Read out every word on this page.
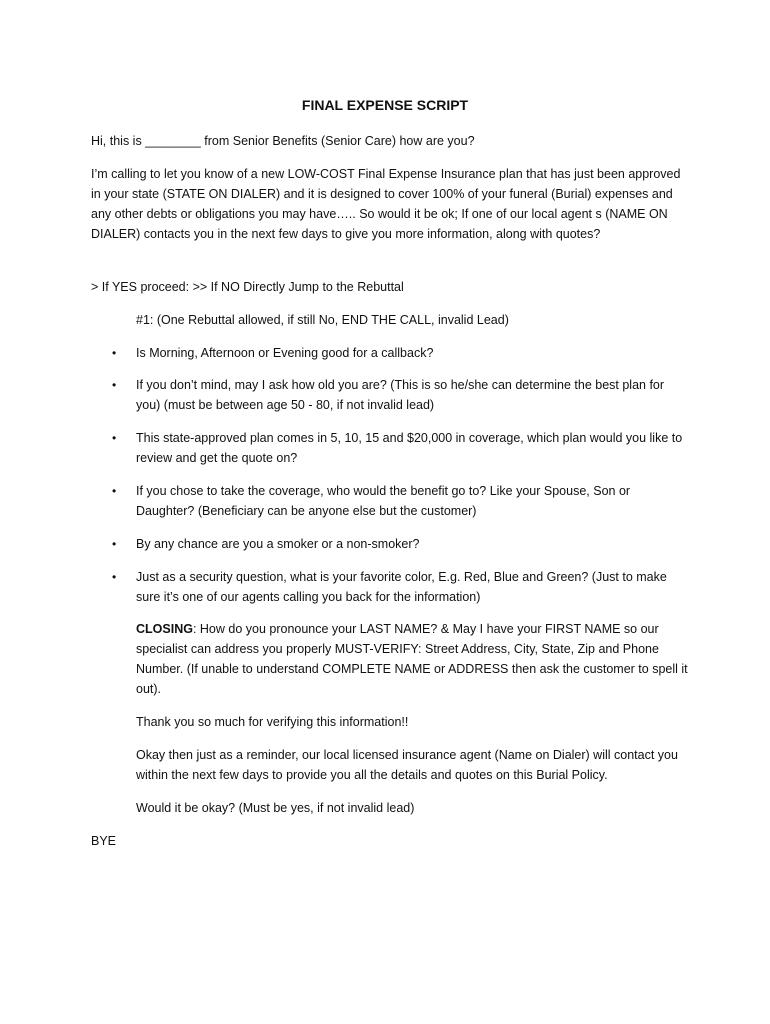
FINAL EXPENSE SCRIPT
Hi, this is ________ from Senior Benefits (Senior Care) how are you?
I’m calling to let you know of a new LOW-COST Final Expense Insurance plan that has just been approved in your state (STATE ON DIALER) and it is designed to cover 100% of your funeral (Burial) expenses and any other debts or obligations you may have….. So would it be ok; If one of our local agent s (NAME ON DIALER) contacts you in the next few days to give you more information, along with quotes?
> If YES proceed: >> If NO Directly Jump to the Rebuttal
#1: (One Rebuttal allowed, if still No, END THE CALL, invalid Lead)
•	Is Morning, Afternoon or Evening good for a callback?
•	If you don’t mind, may I ask how old you are? (This is so he/she can determine the best plan for you) (must be between age 50 - 80, if not invalid lead)
•	This state-approved plan comes in 5, 10, 15 and $20,000 in coverage, which plan would you like to review and get the quote on?
•	If you chose to take the coverage, who would the benefit go to? Like your Spouse, Son or Daughter? (Beneficiary can be anyone else but the customer)
•	By any chance are you a smoker or a non-smoker?
•	Just as a security question, what is your favorite color, E.g. Red, Blue and Green? (Just to make sure it’s one of our agents calling you back for the information)
CLOSING: How do you pronounce your LAST NAME? & May I have your FIRST NAME so our specialist can address you properly MUST-VERIFY: Street Address, City, State, Zip and Phone Number. (If unable to understand COMPLETE NAME or ADDRESS then ask the customer to spell it out).
Thank you so much for verifying this information!!
Okay then just as a reminder, our local licensed insurance agent (Name on Dialer) will contact you within the next few days to provide you all the details and quotes on this Burial Policy.
Would it be okay? (Must be yes, if not invalid lead)
BYE
